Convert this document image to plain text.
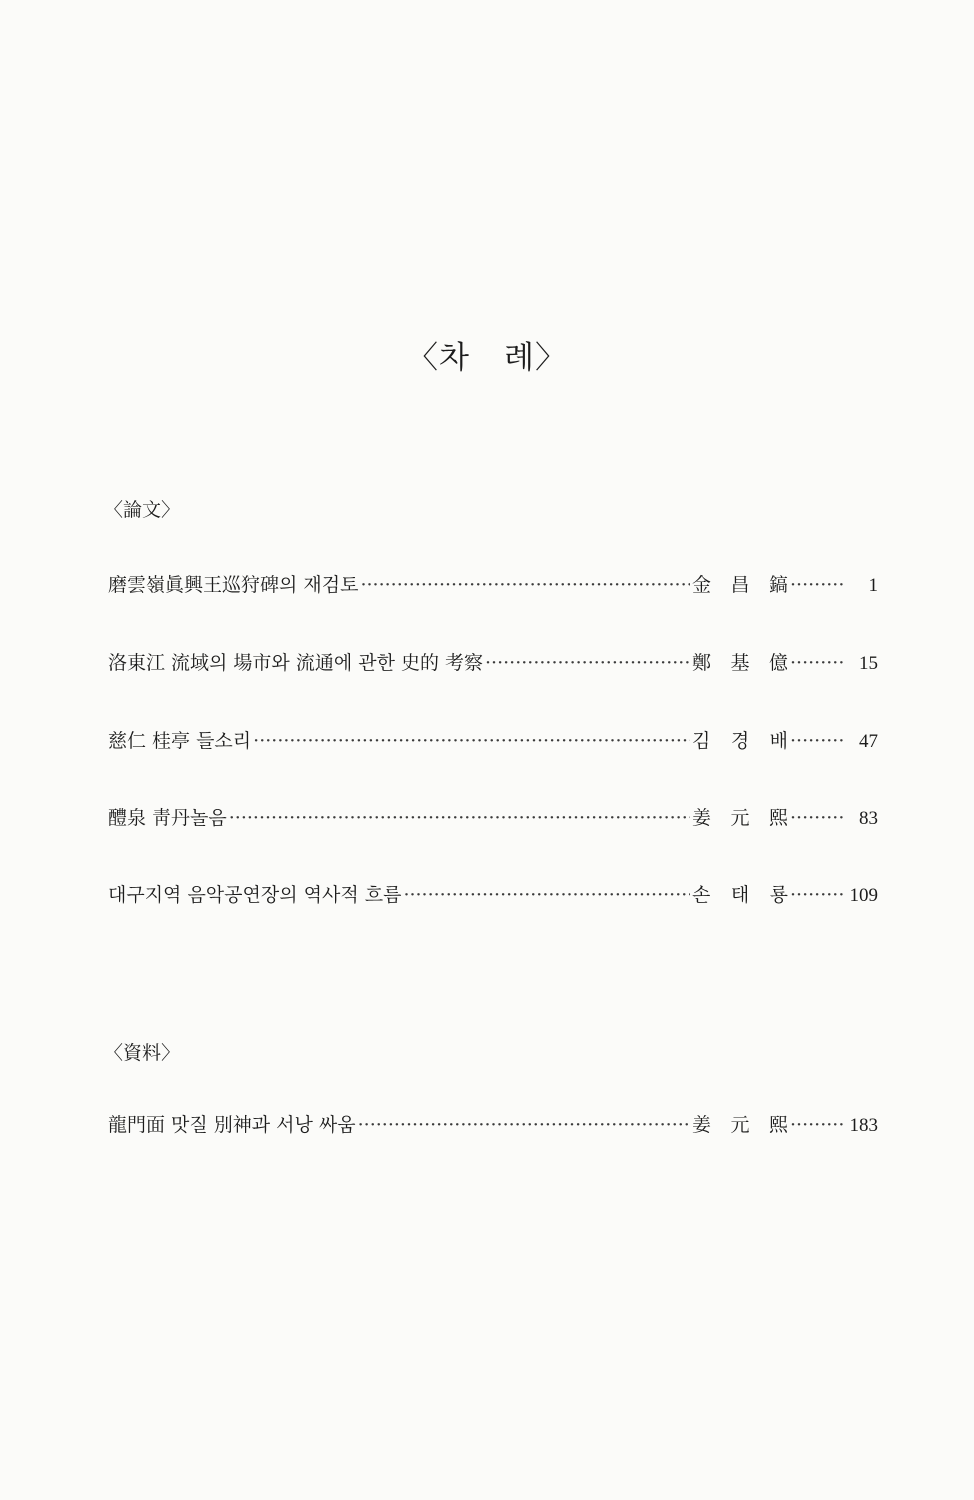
〈차 례〉
〈論文〉
磨雲嶺眞興王巡狩碑의 재검토 ·····	金 昌 鎬 ·····	1
洛東江 流域의 場市와 流通에 관한 史的 考察 ·····	鄭 基 億 ·····	15
慈仁 桂亭 들소리 ·····	김 경 배 ·····	47
醴泉 靑丹놀음 ·····	姜 元 熙 ·····	83
대구지역 음악공연장의 역사적 흐름 ·····	손 태 룡 ·····	109
〈資料〉
龍門面 맛질 別神과 서낭 싸움 ·····	姜 元 熙 ·····	183
